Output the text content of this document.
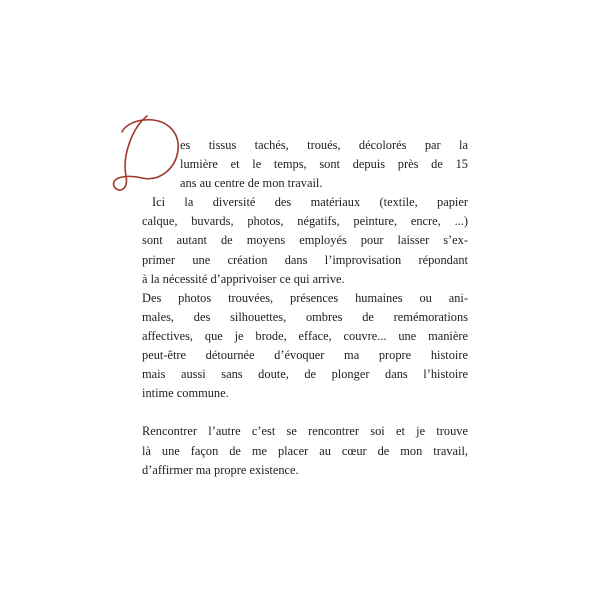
es tissus tachés, troués, décolorés par la
lumière et le temps, sont depuis près de 15
ans au centre de mon travail.
Ici la diversité des matériaux (textile, papier
calque, buvards, photos, négatifs, peinture, encre, ...)
sont autant de moyens employés pour laisser s’ex-
primer une création dans l’improvisation répondant
à la nécessité d’apprivoiser ce qui arrive.
Des photos trouvées, présences humaines ou ani-
males, des silhouettes, ombres de remémorations
affectives, que je brode, efface, couvre... une manière
peut-être détournée d’évoquer ma propre histoire
mais aussi sans doute, de plonger dans l’histoire
intime commune.
Rencontrer l’autre c’est se rencontrer soi et je trouve
là une façon de me placer au cœur de mon travail,
d’affirmer ma propre existence.
